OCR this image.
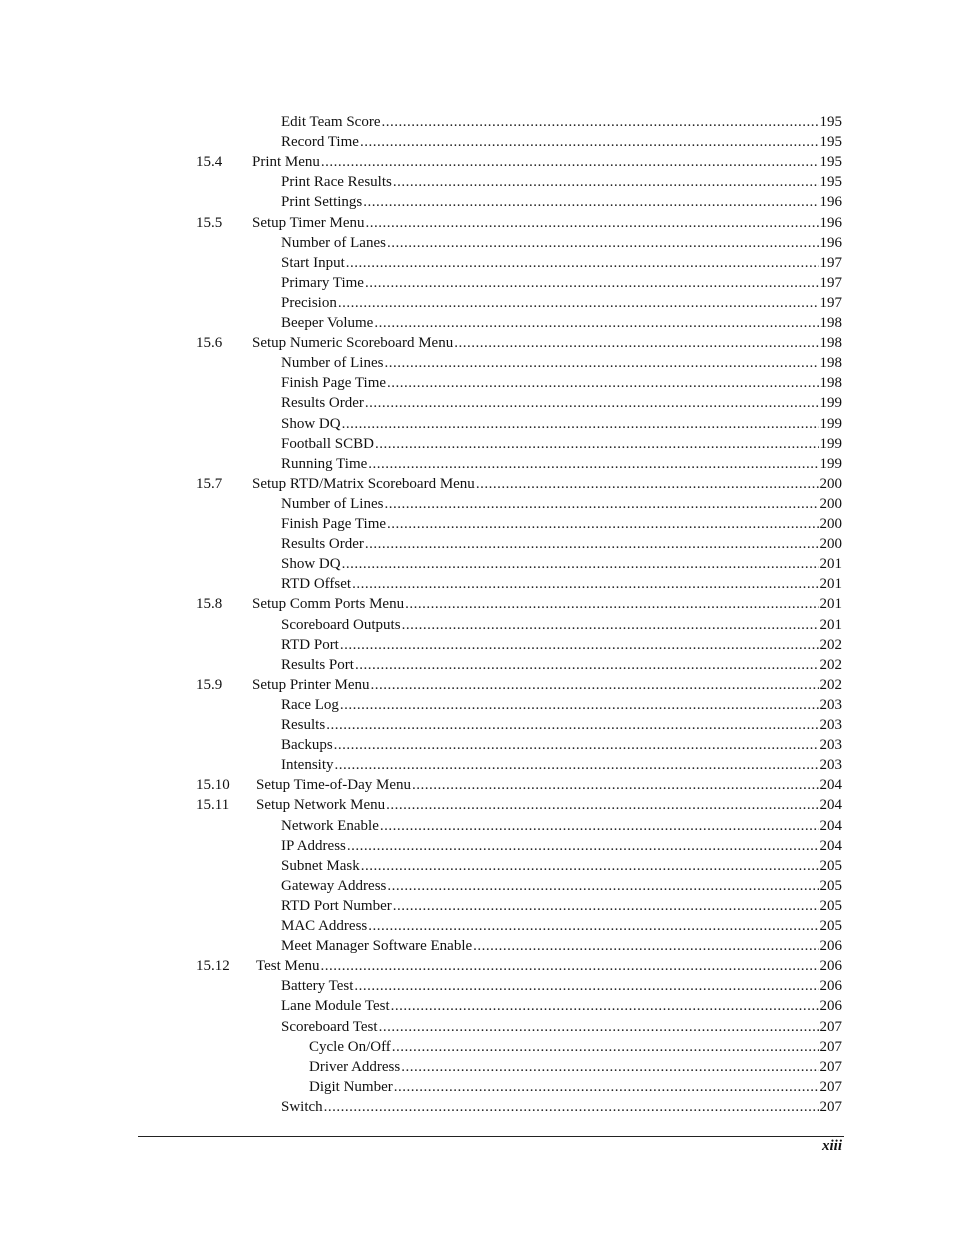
Edit Team Score .....	195
Record Time .....	195
15.4 Print Menu .....	195
Print Race Results .....	195
Print Settings .....	196
15.5 Setup Timer Menu .....	196
Number of Lanes .....	196
Start Input .....	197
Primary Time .....	197
Precision .....	197
Beeper Volume .....	198
15.6 Setup Numeric Scoreboard Menu .....	198
Number of Lines .....	198
Finish Page Time .....	198
Results Order .....	199
Show DQ .....	199
Football SCBD .....	199
Running Time .....	199
15.7 Setup RTD/Matrix Scoreboard Menu .....	200
Number of Lines .....	200
Finish Page Time .....	200
Results Order .....	200
Show DQ .....	201
RTD Offset .....	201
15.8 Setup Comm Ports Menu .....	201
Scoreboard Outputs .....	201
RTD Port .....	202
Results Port .....	202
15.9 Setup Printer Menu .....	202
Race Log .....	203
Results .....	203
Backups .....	203
Intensity .....	203
15.10 Setup Time-of-Day Menu .....	204
15.11 Setup Network Menu .....	204
Network Enable .....	204
IP Address .....	204
Subnet Mask .....	205
Gateway Address .....	205
RTD Port Number .....	205
MAC Address .....	205
Meet Manager Software Enable .....	206
15.12 Test Menu .....	206
Battery Test .....	206
Lane Module Test .....	206
Scoreboard Test .....	207
Cycle On/Off .....	207
Driver Address .....	207
Digit Number .....	207
Switch .....	207
xiii
